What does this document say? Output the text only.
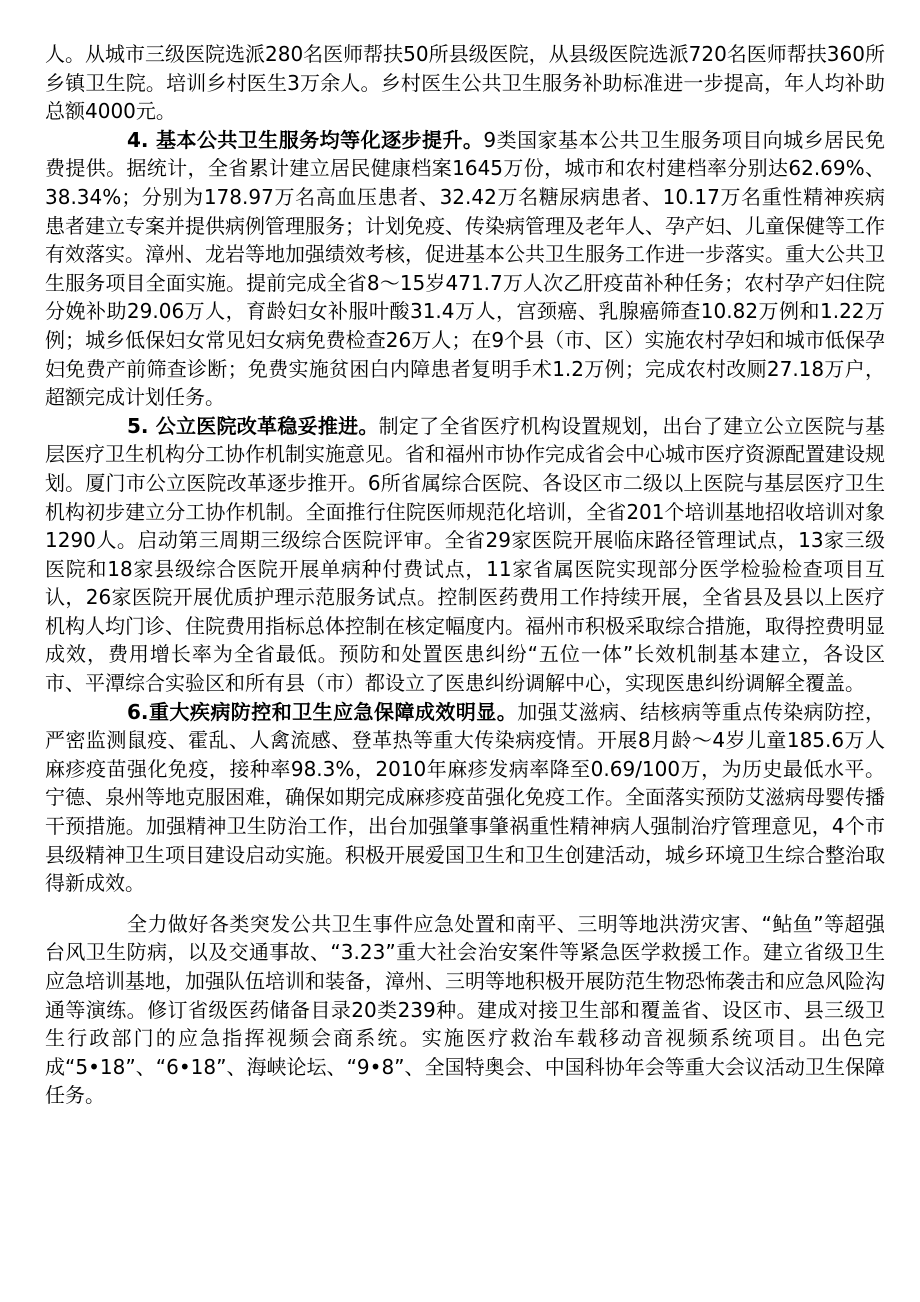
人。从城市三级医院选派280名医师帮扶50所县级医院，从县级医院选派720名医师帮扶360所乡镇卫生院。培训乡村医生3万余人。乡村医生公共卫生服务补助标准进一步提高，年人均补助总额4000元。

4. 基本公共卫生服务均等化逐步提升。9类国家基本公共卫生服务项目向城乡居民免费提供。据统计，全省累计建立居民健康档案1645万份，城市和农村建档率分别达62.69%、38.34%；分别为178.97万名高血压患者、32.42万名糖尿病患者、10.17万名重性精神疾病患者建立专案并提供病例管理服务；计划免疫、传染病管理及老年人、孕产妇、儿童保健等工作有效落实。漳州、龙岩等地加强绩效考核，促进基本公共卫生服务工作进一步落实。重大公共卫生服务项目全面实施。提前完成全省8～15岁471.7万人次乙肝疫苗补种任务；农村孕产妇住院分娩补助29.06万人，育龄妇女补服叶酸31.4万人，宫颈癌、乳腺癌筛查10.82万例和1.22万例；城乡低保妇女常见妇女病免费检查26万人；在9个县（市、区）实施农村孕妇和城市低保孕妇免费产前筛查诊断；免费实施贫困白内障患者复明手术1.2万例；完成农村改厕27.18万户，超额完成计划任务。

5. 公立医院改革稳妥推进。制定了全省医疗机构设置规划，出台了建立公立医院与基层医疗卫生机构分工协作机制实施意见。省和福州市协作完成省会中心城市医疗资源配置建设规划。厦门市公立医院改革逐步推开。6所省属综合医院、各设区市二级以上医院与基层医疗卫生机构初步建立分工协作机制。全面推行住院医师规范化培训，全省201个培训基地招收培训对象1290人。启动第三周期三级综合医院评审。全省29家医院开展临床路径管理试点，13家三级医院和18家县级综合医院开展单病种付费试点，11家省属医院实现部分医学检验检查项目互认，26家医院开展优质护理示范服务试点。控制医药费用工作持续开展，全省县及县以上医疗机构人均门诊、住院费用指标总体控制在核定幅度内。福州市积极采取综合措施，取得控费明显成效，费用增长率为全省最低。预防和处置医患纠纷“五位一体”长效机制基本建立，各设区市、平潭综合实验区和所有县（市）都设立了医患纠纷调解中心，实现医患纠纷调解全覆盖。

6.重大疾病防控和卫生应急保障成效明显。加强艾滋病、结核病等重点传染病防控，严密监测鼠疫、霍乱、人禽流感、登革热等重大传染病疫情。开展8月龄～4岁儿童185.6万人麻疹疫苗强化免疫，接种率98.3%，2010年麻疹发病率降至0.69/100万，为历史最低水平。宁德、泉州等地克服困难，确保如期完成麻疹疫苗强化免疫工作。全面落实预防艾滋病母婴传播干预措施。加强精神卫生防治工作，出台加强肇事肇祸重性精神病人强制治疗管理意见，4个市县级精神卫生项目建设启动实施。积极开展爱国卫生和卫生创建活动，城乡环境卫生综合整治取得新成效。

全力做好各类突发公共卫生事件应急处置和南平、三明等地洪涝灾害、“鲇鱼”等超强台风卫生防病，以及交通事故、“3.23”重大社会治安案件等紧急医学救援工作。建立省级卫生应急培训基地，加强队伍培训和装备，漳州、三明等地积极开展防范生物恐怖袭击和应急风险沟通等演练。修订省级医药储备目录20类239种。建成对接卫生部和覆盖省、设区市、县三级卫生行政部门的应急指挥视频会商系统。实施医疗救治车载移动音视频系统项目。出色完成“5•18”、“6•18”、海峡论坛、“9•8”、全国特奥会、中国科协年会等重大会议活动卫生保障任务。
